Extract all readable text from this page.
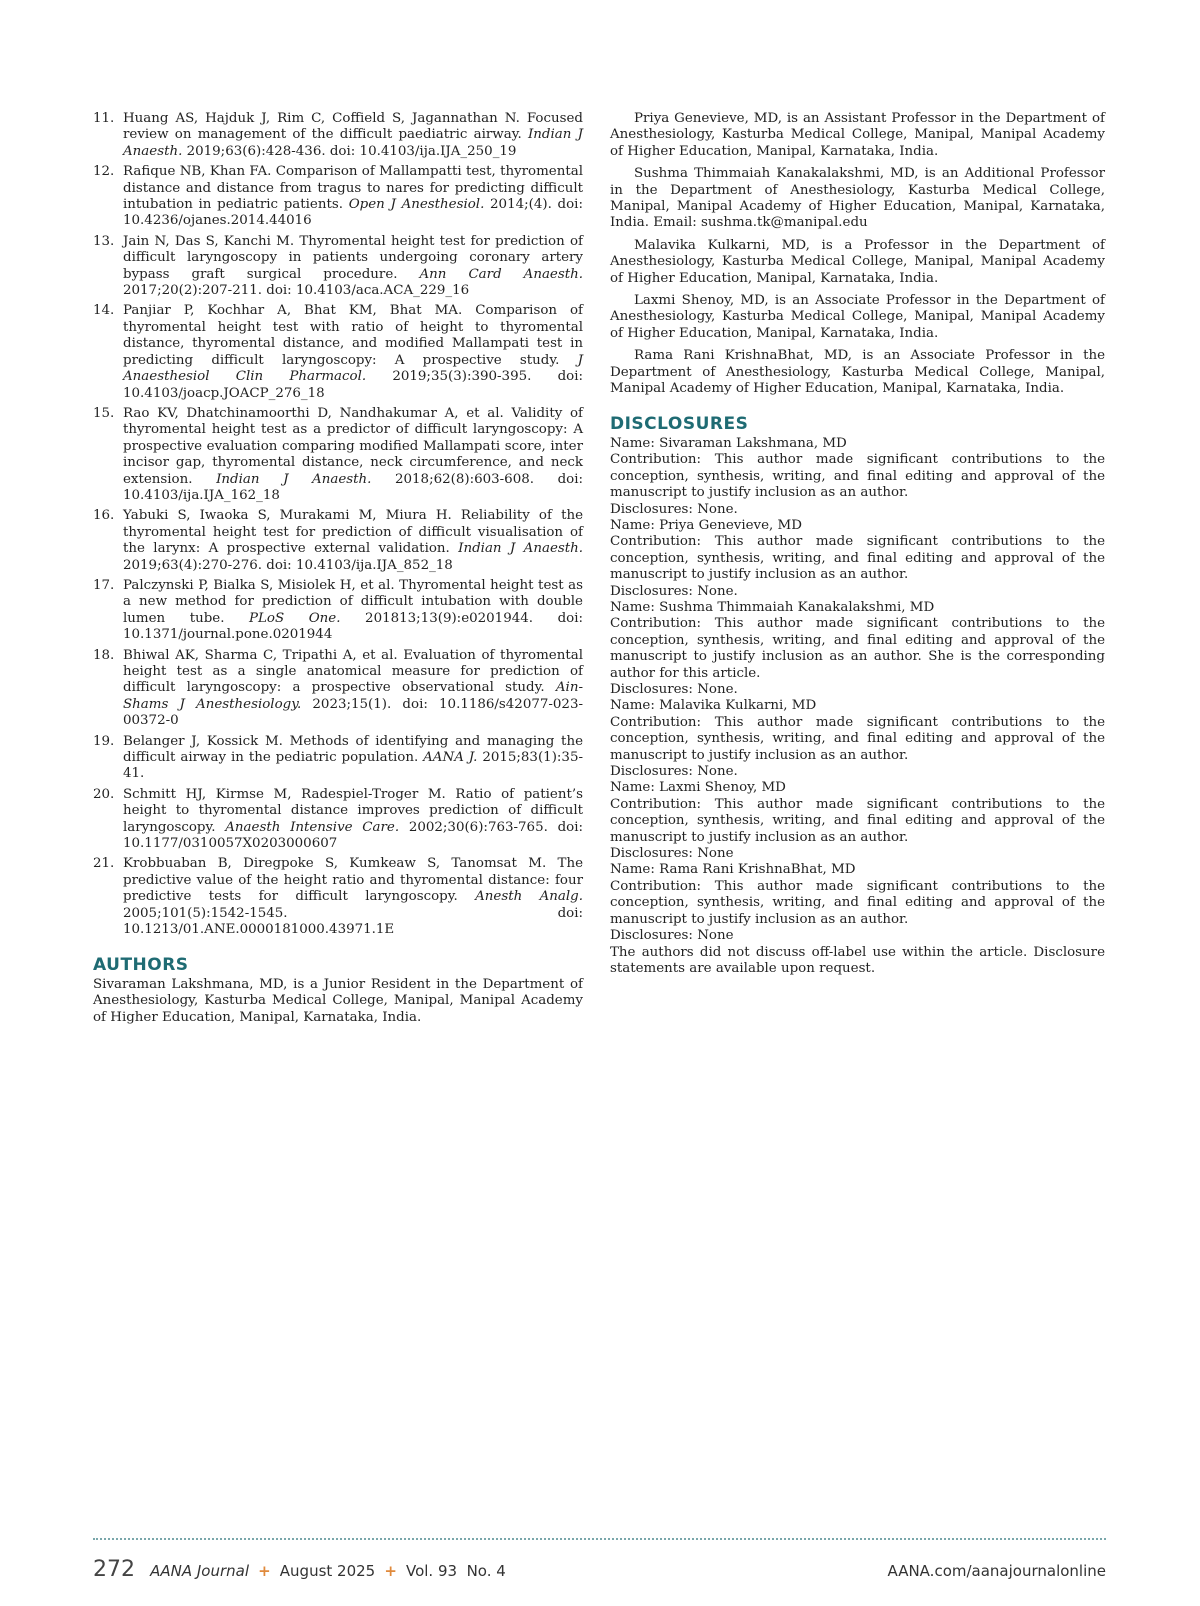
11. Huang AS, Hajduk J, Rim C, Coffield S, Jagannathan N. Focused review on management of the difficult paediatric airway. Indian J Anaesth. 2019;63(6):428-436. doi: 10.4103/ija.IJA_250_19
12. Rafique NB, Khan FA. Comparison of Mallampatti test, thyromental distance and distance from tragus to nares for predicting difficult intubation in pediatric patients. Open J Anesthesiol. 2014;(4). doi: 10.4236/ojanes.2014.44016
13. Jain N, Das S, Kanchi M. Thyromental height test for prediction of difficult laryngoscopy in patients undergoing coronary artery bypass graft surgical procedure. Ann Card Anaesth. 2017;20(2):207-211. doi: 10.4103/aca.ACA_229_16
14. Panjiar P, Kochhar A, Bhat KM, Bhat MA. Comparison of thyromental height test with ratio of height to thyromental distance, thyromental distance, and modified Mallampati test in predicting difficult laryngoscopy: A prospective study. J Anaesthesiol Clin Pharmacol. 2019;35(3):390-395. doi: 10.4103/joacp.JOACP_276_18
15. Rao KV, Dhatchinamoorthi D, Nandhakumar A, et al. Validity of thyromental height test as a predictor of difficult laryngoscopy: A prospective evaluation comparing modified Mallampati score, inter incisor gap, thyromental distance, neck circumference, and neck extension. Indian J Anaesth. 2018;62(8):603-608. doi: 10.4103/ija.IJA_162_18
16. Yabuki S, Iwaoka S, Murakami M, Miura H. Reliability of the thyromental height test for prediction of difficult visualisation of the larynx: A prospective external validation. Indian J Anaesth. 2019;63(4):270-276. doi: 10.4103/ija.IJA_852_18
17. Palczynski P, Bialka S, Misiolek H, et al. Thyromental height test as a new method for prediction of difficult intubation with double lumen tube. PLoS One. 201813;13(9):e0201944. doi: 10.1371/journal.pone.0201944
18. Bhiwal AK, Sharma C, Tripathi A, et al. Evaluation of thyromental height test as a single anatomical measure for prediction of difficult laryngoscopy: a prospective observational study. Ain-Shams J Anesthesiology. 2023;15(1). doi: 10.1186/s42077-023-00372-0
19. Belanger J, Kossick M. Methods of identifying and managing the difficult airway in the pediatric population. AANA J. 2015;83(1):35-41.
20. Schmitt HJ, Kirmse M, Radespiel-Troger M. Ratio of patient’s height to thyromental distance improves prediction of difficult laryngoscopy. Anaesth Intensive Care. 2002;30(6):763-765. doi: 10.1177/0310057X0203000607
21. Krobbuaban B, Diregpoke S, Kumkeaw S, Tanomsat M. The predictive value of the height ratio and thyromental distance: four predictive tests for difficult laryngoscopy. Anesth Analg. 2005;101(5):1542-1545. doi: 10.1213/01.ANE.0000181000.43971.1E
AUTHORS

Sivaraman Lakshmana, MD, is a Junior Resident in the Department of Anesthesiology, Kasturba Medical College, Manipal, Manipal Academy of Higher Education, Manipal, Karnataka, India.

Priya Genevieve, MD, is an Assistant Professor in the Department of Anesthesiology, Kasturba Medical College, Manipal, Manipal Academy of Higher Education, Manipal, Karnataka, India.

Sushma Thimmaiah Kanakalakshmi, MD, is an Additional Professor in the Department of Anesthesiology, Kasturba Medical College, Manipal, Manipal Academy of Higher Education, Manipal, Karnataka, India. Email: sushma.tk@manipal.edu

Malavika Kulkarni, MD, is a Professor in the Department of Anesthesiology, Kasturba Medical College, Manipal, Manipal Academy of Higher Education, Manipal, Karnataka, India.

Laxmi Shenoy, MD, is an Associate Professor in the Department of Anesthesiology, Kasturba Medical College, Manipal, Manipal Academy of Higher Education, Manipal, Karnataka, India.

Rama Rani KrishnaBhat, MD, is an Associate Professor in the Department of Anesthesiology, Kasturba Medical College, Manipal, Manipal Academy of Higher Education, Manipal, Karnataka, India.

DISCLOSURES
Name: Sivaraman Lakshmana, MD
Contribution: This author made significant contributions to the conception, synthesis, writing, and final editing and approval of the manuscript to justify inclusion as an author.
Disclosures: None.
Name: Priya Genevieve, MD
Contribution: This author made significant contributions to the conception, synthesis, writing, and final editing and approval of the manuscript to justify inclusion as an author.
Disclosures: None.
Name: Sushma Thimmaiah Kanakalakshmi, MD
Contribution: This author made significant contributions to the conception, synthesis, writing, and final editing and approval of the manuscript to justify inclusion as an author. She is the corresponding author for this article.
Disclosures: None.
Name: Malavika Kulkarni, MD
Contribution: This author made significant contributions to the conception, synthesis, writing, and final editing and approval of the manuscript to justify inclusion as an author.
Disclosures: None.
Name: Laxmi Shenoy, MD
Contribution: This author made significant contributions to the conception, synthesis, writing, and final editing and approval of the manuscript to justify inclusion as an author.
Disclosures: None
Name: Rama Rani KrishnaBhat, MD
Contribution: This author made significant contributions to the conception, synthesis, writing, and final editing and approval of the manuscript to justify inclusion as an author.
Disclosures: None
The authors did not discuss off-label use within the article. Disclosure statements are available upon request.
272 AANA Journal + August 2025 + Vol. 93  No. 4	AANA.com/aanajournalonline
